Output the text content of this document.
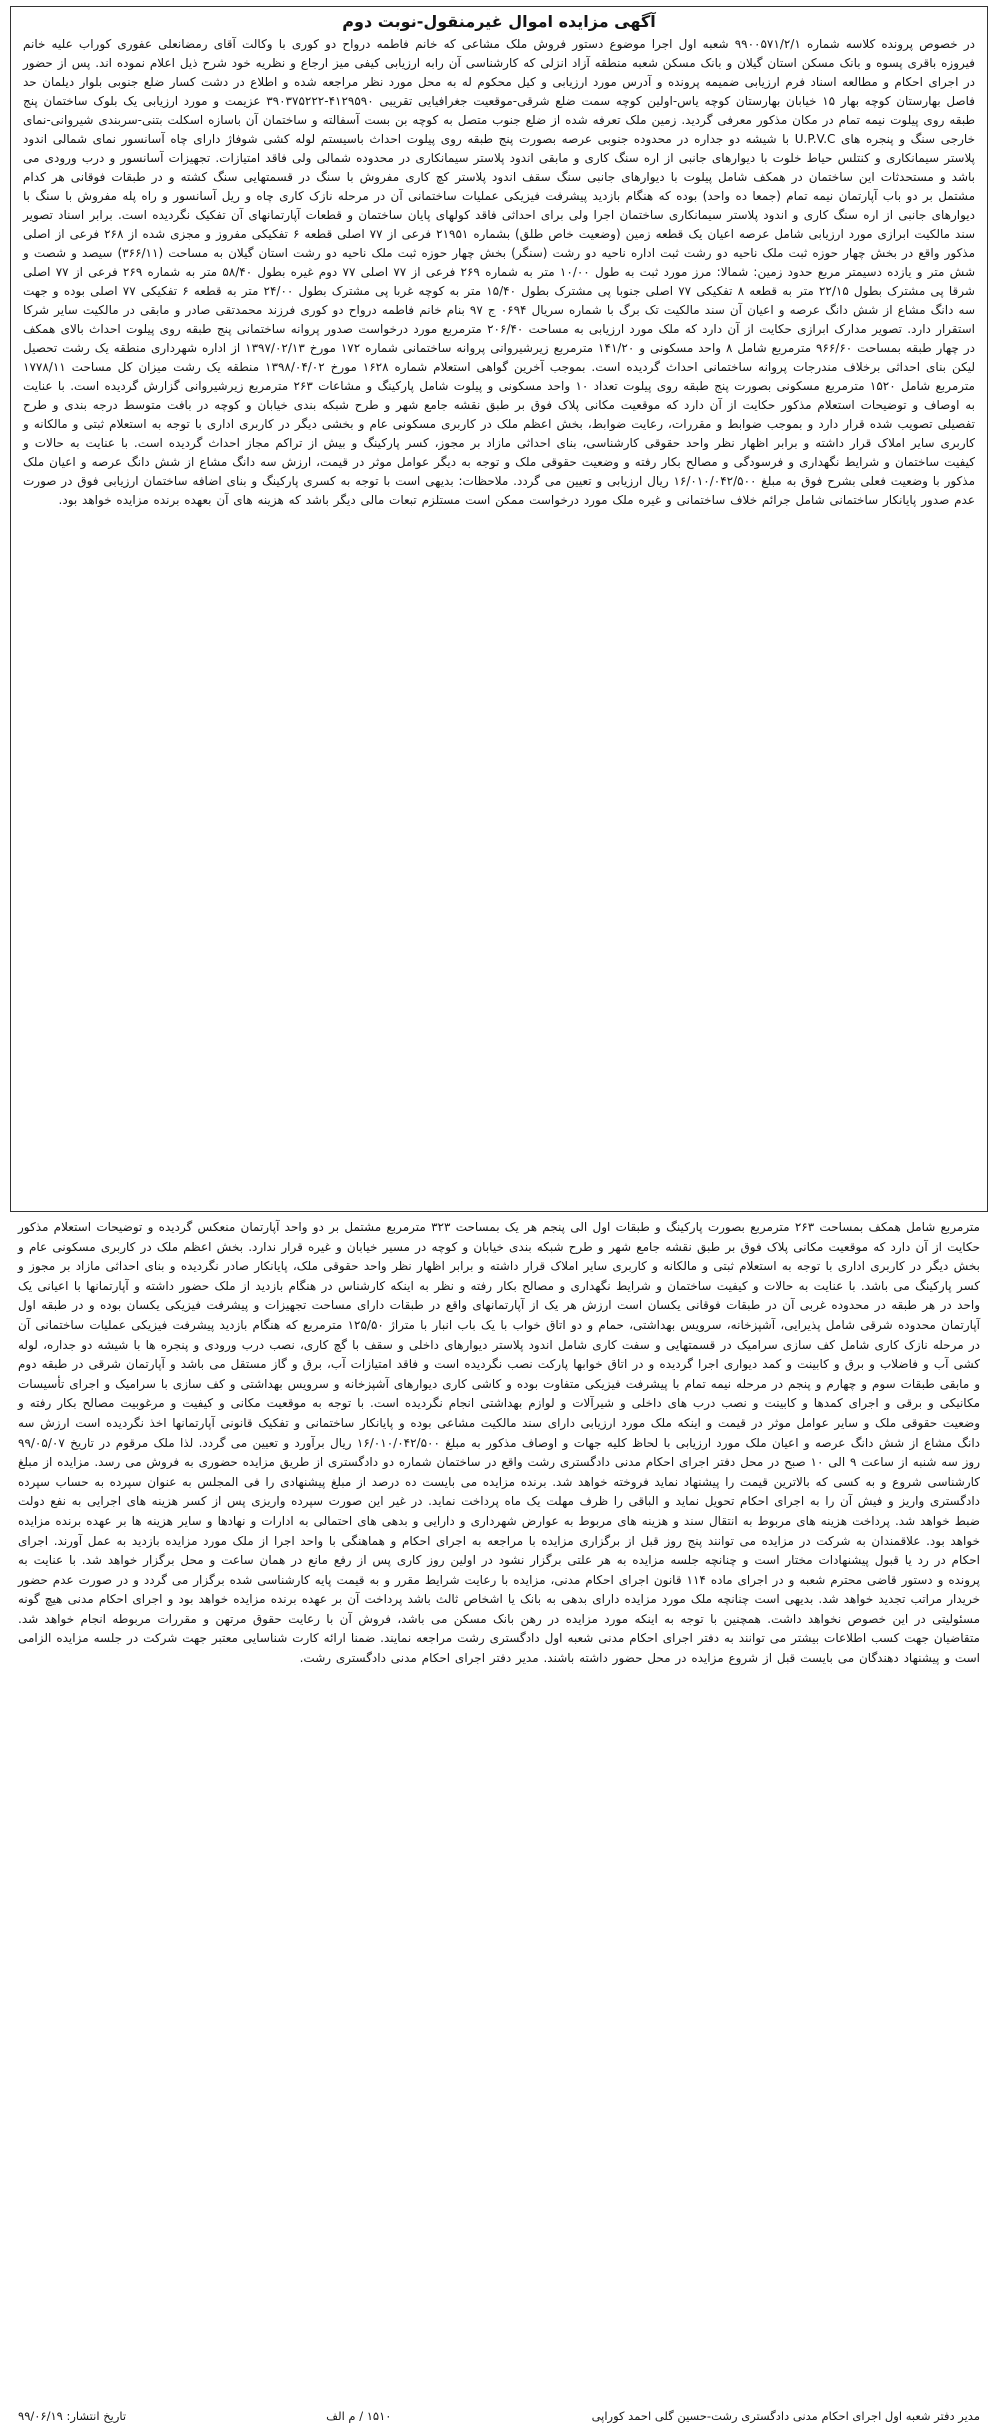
آگهی مزایده اموال غیرمنقول-نوبت دوم

در خصوص پرونده کلاسه شماره ۹۹۰۰۵۷۱/۲/۱ شعبه اول اجرا موضوع دستور فروش ملک مشاعی که خانم فاطمه درواح دو کوری با وکالت آقای رمضانعلی عفوری کوراب علیه خانم فیروزه باقری پسوه و بانک مسکن استان گیلان و بانک مسکن شعبه منطقه آزاد انزلی که کارشناسی آن رابه ارزیابی کیفی میز ارجاع و نظریه خود شرح ذیل اعلام نموده اند. پس از حضور در اجرای احکام و مطالعه اسناد فرم ارزیابی ضمیمه پرونده و آدرس مورد ارزیابی و کیل محکوم له به محل مورد نظر مراجعه شده و اطلاع در دشت کسار ضلع جنوبی بلوار دیلمان حد فاصل بهارستان کوچه بهار ۱۵ خیابان بهارستان کوچه یاس-اولین کوچه سمت ضلع شرقی-موقعیت جغرافیایی تقریبی ۴۱۲۹۵۹۰-۳۹۰۳۷۵۲۲۲ عزیمت و مورد ارزیابی یک بلوک ساختمان پنج طبقه روی پیلوت نیمه تمام در مکان مذکور معرفی گردید. زمین ملک تعرفه شده از ضلع جنوب متصل به کوچه بن بست آسفالته و ساختمان آن باسازه اسکلت بتنی-سربندی شیروانی-نمای خارجی سنگ و پنجره های U.P.V.C با شیشه دو جداره در محدوده جنوبی عرصه بصورت پنج طبقه روی پیلوت احداث باسیستم لوله کشی شوفاژ دارای چاه آسانسور نمای شمالی اندود پلاستر سیمانکاری و کنتلس حیاط خلوت با دیوارهای جانبی از اره سنگ کاری و مابقی اندود پلاستر سیمانکاری در محدوده شمالی ولی فاقد امتیازات. تجهیزات آسانسور و درب ورودی می باشد و مستحدثات این ساختمان در همکف شامل پیلوت با دیوارهای جانبی سنگ سقف اندود پلاستر کچ کاری مفروش با سنگ در قسمتهایی سنگ کشته و در طبقات فوقانی هر کدام مشتمل بر دو باب آپارتمان نیمه تمام (جمعا ده واحد) بوده که هنگام بازدید پیشرفت فیزیکی عملیات ساختمانی آن در مرحله نازک کاری چاه و ریل آسانسور و راه پله مفروش با سنگ با دیوارهای جانبی از اره سنگ کاری و اندود پلاستر سیمانکاری ساختمان اجرا ولی برای احداثی فاقد کولهای پایان ساختمان و قطعات آپارتمانهای آن تفکیک نگردیده است. برابر اسناد تصویر سند مالکیت ابرازی مورد ارزیابی شامل عرصه اعیان یک قطعه زمین (وضعیت خاص طلق) بشماره ۲۱۹۵۱ فرعی از ۷۷ اصلی قطعه ۶ تفکیکی مفروز و مجزی شده از ۲۶۸ فرعی از اصلی مذکور واقع در بخش چهار حوزه ثبت ملک ناحیه دو رشت ثبت اداره ناحیه دو رشت (سنگر) بخش چهار حوزه ثبت ملک ناحیه دو رشت استان گیلان به مساحت (۳۶۶/۱۱) سیصد و شصت و شش متر و یازده دسیمتر مربع حدود زمین: شمالا: مرز مورد ثبت به طول ۱۰/۰۰ متر به شماره ۲۶۹ فرعی از ۷۷ اصلی ۷۷ دوم غیره بطول ۵۸/۴۰ متر به شماره ۲۶۹ فرعی از ۷۷ اصلی شرقا پی مشترک بطول ۲۲/۱۵ متر به قطعه ۸ تفکیکی ۷۷ اصلی جنوبا پی مشترک بطول ۱۵/۴۰ متر به کوچه غربا پی مشترک بطول ۲۴/۰۰ متر به قطعه ۶ تفکیکی ۷۷ اصلی بوده و جهت سه دانگ مشاع از شش دانگ عرصه و اعیان آن سند مالکیت تک برگ با شماره سریال ۰۶۹۴ ج ۹۷ بنام خانم فاطمه درواح دو کوری فرزند محمدتقی صادر و مابقی در مالکیت سایر شرکا استقرار دارد. تصویر مدارک ابرازی حکایت از آن دارد که ملک مورد ارزیابی به مساحت ۲۰۶/۴۰ مترمربع مورد درخواست صدور پروانه ساختمانی پنج طبقه روی پیلوت احداث بالای همکف در چهار طبقه بمساحت ۹۶۶/۶۰ مترمربع شامل ۸ واحد مسکونی و ۱۴۱/۲۰ مترمربع زیرشیروانی پروانه ساختمانی شماره ۱۷۲ مورخ ۱۳۹۷/۰۲/۱۳ از اداره شهرداری منطقه یک رشت تحصیل لیکن بنای احداثی برخلاف مندرجات پروانه ساختمانی احداث گردیده است. بموجب آخرین گواهی استعلام شماره ۱۶۲۸ مورخ ۱۳۹۸/۰۴/۰۲ منطقه یک رشت میزان کل مساحت ۱۷۷۸/۱۱ مترمربع شامل ۱۵۲۰ مترمربع مسکونی بصورت پنج طبقه روی پیلوت تعداد ۱۰ واحد مسکونی و پیلوت شامل پارکینگ و مشاعات ۲۶۳ مترمربع زیرشیروانی گزارش گردیده است. با عنایت به اوصاف و توضیحات استعلام مذکور حکایت از آن دارد که موقعیت مکانی پلاک فوق بر طبق نقشه جامع شهر و طرح شبکه بندی خیابان و کوچه در بافت متوسط درجه بندی و طرح تفصیلی تصویب شده قرار دارد و بموجب ضوابط و مقررات، رعایت ضوابط، بخش اعظم ملک در کاربری مسکونی عام و بخشی دیگر در کاربری اداری با توجه به استعلام ثبتی و مالکانه و کاربری سایر املاک قرار داشته و برابر اظهار نظر واحد حقوقی کارشناسی، بنای احداثی مازاد بر مجوز، کسر پارکینگ و بیش از تراکم مجاز احداث گردیده است. با عنایت به حالات و کیفیت ساختمان و شرایط نگهداری و فرسودگی و مصالح بکار رفته و وضعیت حقوقی ملک و توجه به دیگر عوامل موثر در قیمت، ارزش سه دانگ مشاع از شش دانگ عرصه و اعیان ملک مذکور با وضعیت فعلی بشرح فوق به مبلغ ۱۶/۰۱۰/۰۴۲/۵۰۰ ریال ارزیابی و تعیین می گردد. ملاحظات: بدیهی است با توجه به کسری پارکینگ و بنای اضافه ساختمان ارزیابی فوق در صورت عدم صدور پایانکار ساختمانی شامل جرائم خلاف ساختمانی و غیره ملک مورد درخواست ممکن است مستلزم تبعات مالی دیگر باشد که هزینه های آن بعهده برنده مزایده خواهد بود.

مترمربع شامل همکف بمساحت ۲۶۳ مترمربع بصورت پارکینگ و طبقات اول الی پنجم هر یک بمساحت ۳۲۳ مترمربع مشتمل بر دو واحد آپارتمان منعکس گردیده و توضیحات استعلام مذکور حکایت از آن دارد که موقعیت مکانی پلاک فوق بر طبق نقشه جامع شهر و طرح شبکه بندی خیابان و کوچه در مسیر خیابان و غیره قرار ندارد. بخش اعظم ملک در کاربری مسکونی عام و بخش دیگر در کاربری اداری با توجه به استعلام ثبتی و مالکانه و کاربری سایر املاک قرار داشته و برابر اظهار نظر واحد حقوقی ملک، پایانکار صادر نگردیده و بنای احداثی مازاد بر مجوز و کسر پارکینگ می باشد. با عنایت به حالات و کیفیت ساختمان و شرایط نگهداری و مصالح بکار رفته و نظر به اینکه کارشناس در هنگام بازدید از ملک حضور داشته و آپارتمانها با اعیانی یک واحد در هر طبقه در محدوده غربی آن در طبقات فوقانی یکسان است ارزش هر یک از آپارتمانهای واقع در طبقات دارای مساحت تجهیزات و پیشرفت فیزیکی یکسان بوده و در طبقه اول آپارتمان محدوده شرقی شامل پذیرایی، آشپزخانه، سرویس بهداشتی، حمام و دو اتاق خواب با یک باب انبار با متراژ ۱۲۵/۵۰ مترمربع که هنگام بازدید پیشرفت فیزیکی عملیات ساختمانی آن در مرحله نازک کاری شامل کف سازی سرامیک در قسمتهایی و سفت کاری شامل اندود پلاستر دیوارهای داخلی و سقف با گچ کاری، نصب درب ورودی و پنجره ها با شیشه دو جداره، لوله کشی آب و فاضلاب و برق و کابینت و کمد دیواری اجرا گردیده و در اتاق خوابها پارکت نصب نگردیده است و فاقد امتیازات آب، برق و گاز مستقل می باشد و آپارتمان شرقی در طبقه دوم و مابقی طبقات سوم و چهارم و پنجم در مرحله نیمه تمام با پیشرفت فیزیکی متفاوت بوده و کاشی کاری دیوارهای آشپزخانه و سرویس بهداشتی و کف سازی با سرامیک و اجرای تأسیسات مکانیکی و برقی و اجرای کمدها و کابینت و نصب درب های داخلی و شیرآلات و لوازم بهداشتی انجام نگردیده است. با توجه به موقعیت مکانی و کیفیت و مرغوبیت مصالح بکار رفته و وضعیت حقوقی ملک و سایر عوامل موثر در قیمت و اینکه ملک مورد ارزیابی دارای سند مالکیت مشاعی بوده و پایانکار ساختمانی و تفکیک قانونی آپارتمانها اخذ نگردیده است ارزش سه دانگ مشاع از شش دانگ عرصه و اعیان ملک مورد ارزیابی با لحاظ کلیه جهات و اوصاف مذکور به مبلغ ۱۶/۰۱۰/۰۴۲/۵۰۰ ریال برآورد و تعیین می گردد. لذا ملک مرقوم در تاریخ ۹۹/۰۵/۰۷ روز سه شنبه از ساعت ۹ الی ۱۰ صبح در محل دفتر اجرای احکام مدنی دادگستری رشت واقع در ساختمان شماره دو دادگستری از طریق مزایده حضوری به فروش می رسد. مزایده از مبلغ کارشناسی شروع و به کسی که بالاترین قیمت را پیشنهاد نماید فروخته خواهد شد. برنده مزایده می بایست ده درصد از مبلغ پیشنهادی را فی المجلس به عنوان سپرده به حساب سپرده دادگستری واریز و فیش آن را به اجرای احکام تحویل نماید و الباقی را ظرف مهلت یک ماه پرداخت نماید. در غیر این صورت سپرده واریزی پس از کسر هزینه های اجرایی به نفع دولت ضبط خواهد شد. پرداخت هزینه های مربوط به انتقال سند و هزینه های مربوط به عوارض شهرداری و دارایی و بدهی های احتمالی به ادارات و نهادها و سایر هزینه ها بر عهده برنده مزایده خواهد بود. علاقمندان به شرکت در مزایده می توانند پنج روز قبل از برگزاری مزایده با مراجعه به اجرای احکام و هماهنگی با واحد اجرا از ملک مورد مزایده بازدید به عمل آورند. اجرای احکام در رد یا قبول پیشنهادات مختار است و چنانچه جلسه مزایده به هر علتی برگزار نشود در اولین روز کاری پس از رفع مانع در همان ساعت و محل برگزار خواهد شد. با عنایت به پرونده و دستور قاضی محترم شعبه و در اجرای ماده ۱۱۴ قانون اجرای احکام مدنی، مزایده با رعایت شرایط مقرر و به قیمت پایه کارشناسی شده برگزار می گردد و در صورت عدم حضور خریدار مراتب تجدید خواهد شد. بدیهی است چنانچه ملک مورد مزایده دارای بدهی به بانک یا اشخاص ثالث باشد پرداخت آن بر عهده برنده مزایده خواهد بود و اجرای احکام مدنی هیچ گونه مسئولیتی در این خصوص نخواهد داشت. همچنین با توجه به اینکه مورد مزایده در رهن بانک مسکن می باشد، فروش آن با رعایت حقوق مرتهن و مقررات مربوطه انجام خواهد شد. متقاضیان جهت کسب اطلاعات بیشتر می توانند به دفتر اجرای احکام مدنی شعبه اول دادگستری رشت مراجعه نمایند. ضمنا ارائه کارت شناسایی معتبر جهت شرکت در جلسه مزایده الزامی است و پیشنهاد دهندگان می بایست قبل از شروع مزایده در محل حضور داشته باشند. مدیر دفتر اجرای احکام مدنی دادگستری رشت.

تاریخ انتشار: ۹۹/۰۶/۱۹	۱۵۱۰ / م الف	مدیر دفتر شعبه اول اجرای احکام مدنی دادگستری رشت-حسین گلی احمد کوراپی
